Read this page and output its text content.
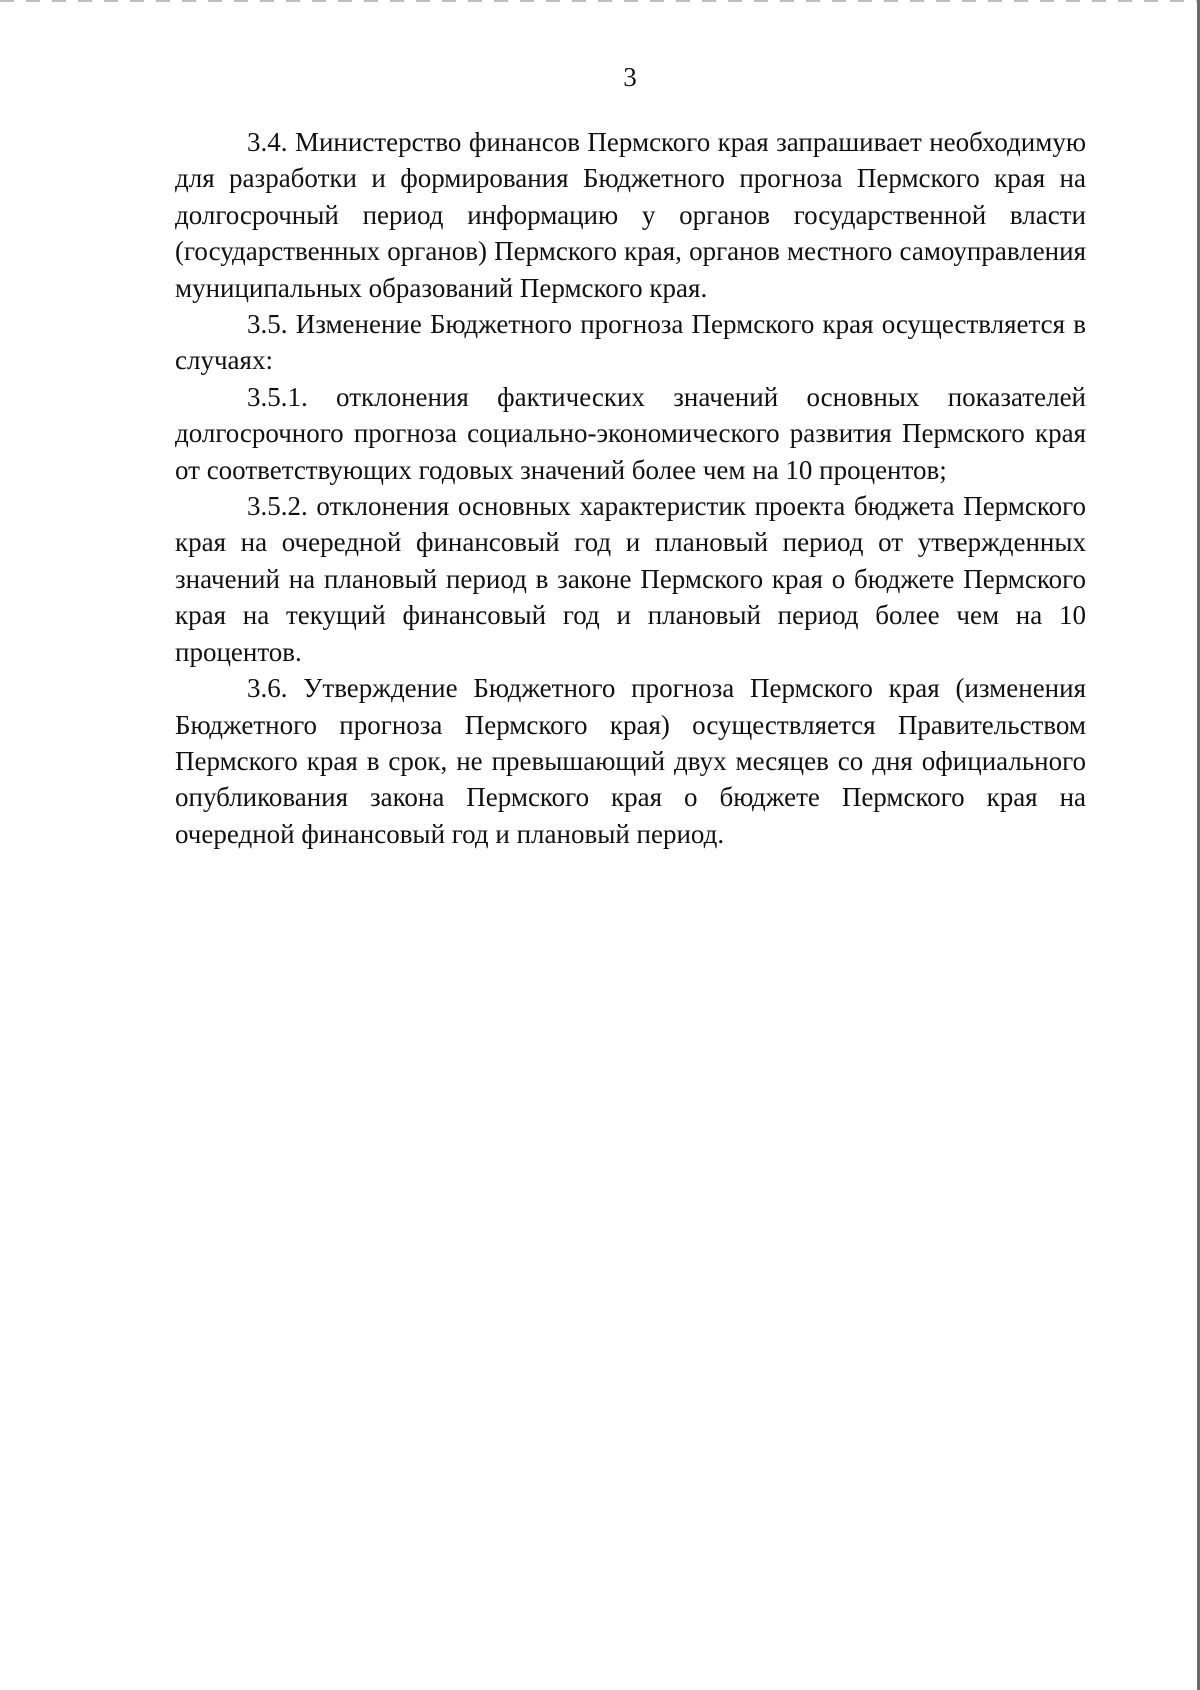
3

3.4. Министерство финансов Пермского края запрашивает необходимую для разработки и формирования Бюджетного прогноза Пермского края на долгосрочный период информацию у органов государственной власти (государственных органов) Пермского края, органов местного самоуправления муниципальных образований Пермского края.

3.5. Изменение Бюджетного прогноза Пермского края осуществляется в случаях:

3.5.1. отклонения фактических значений основных показателей долгосрочного прогноза социально-экономического развития Пермского края от соответствующих годовых значений более чем на 10 процентов;

3.5.2. отклонения основных характеристик проекта бюджета Пермского края на очередной финансовый год и плановый период от утвержденных значений на плановый период в законе Пермского края о бюджете Пермского края на текущий финансовый год и плановый период более чем на 10 процентов.

3.6. Утверждение Бюджетного прогноза Пермского края (изменения Бюджетного прогноза Пермского края) осуществляется Правительством Пермского края в срок, не превышающий двух месяцев со дня официального опубликования закона Пермского края о бюджете Пермского края на очередной финансовый год и плановый период.
